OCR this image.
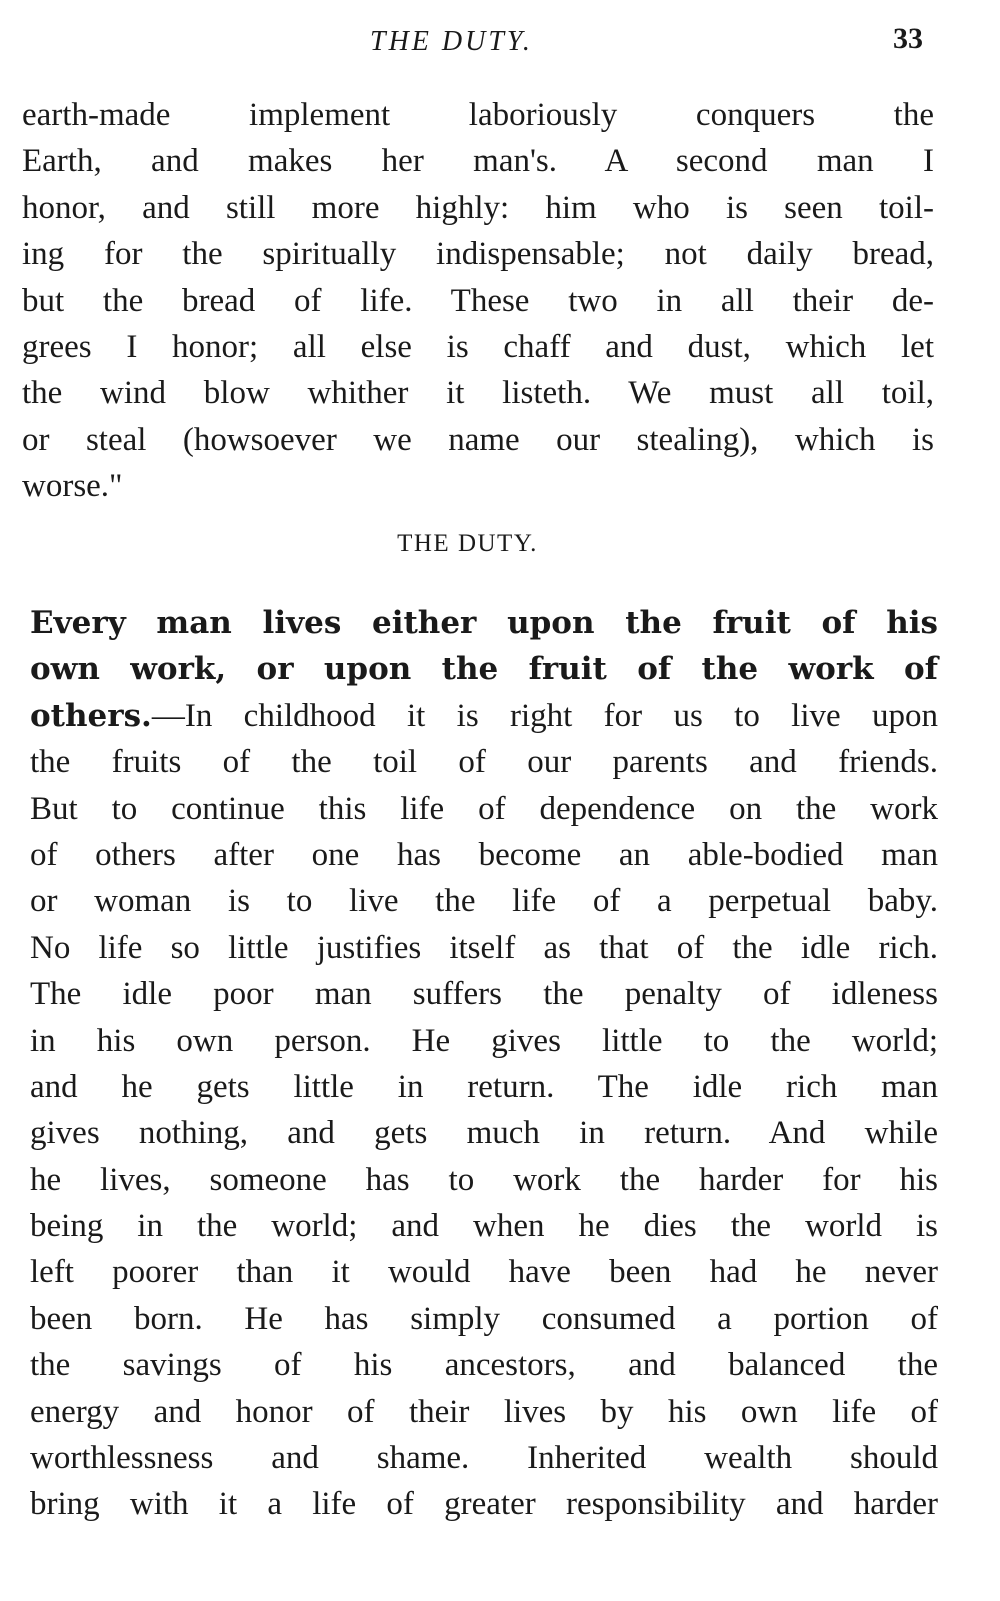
THE DUTY.	33
earth-made implement laboriously conquers the
Earth, and makes her man's. A second man I
honor, and still more highly: him who is seen toil-
ing for the spiritually indispensable; not daily bread,
but the bread of life. These two in all their de-
grees I honor; all else is chaff and dust, which let
the wind blow whither it listeth. We must all toil,
or steal (howsoever we name our stealing), which is
worse."
THE DUTY.
Every man lives either upon the fruit of his
own work, or upon the fruit of the work of
others.—In childhood it is right for us to live upon
the fruits of the toil of our parents and friends.
But to continue this life of dependence on the work
of others after one has become an able-bodied man
or woman is to live the life of a perpetual baby.
No life so little justifies itself as that of the idle rich.
The idle poor man suffers the penalty of idleness
in his own person. He gives little to the world;
and he gets little in return. The idle rich man
gives nothing, and gets much in return. And while
he lives, someone has to work the harder for his
being in the world; and when he dies the world is
left poorer than it would have been had he never
been born. He has simply consumed a portion of
the savings of his ancestors, and balanced the
energy and honor of their lives by his own life of
worthlessness and shame. Inherited wealth should
bring with it a life of greater responsibility and harder
